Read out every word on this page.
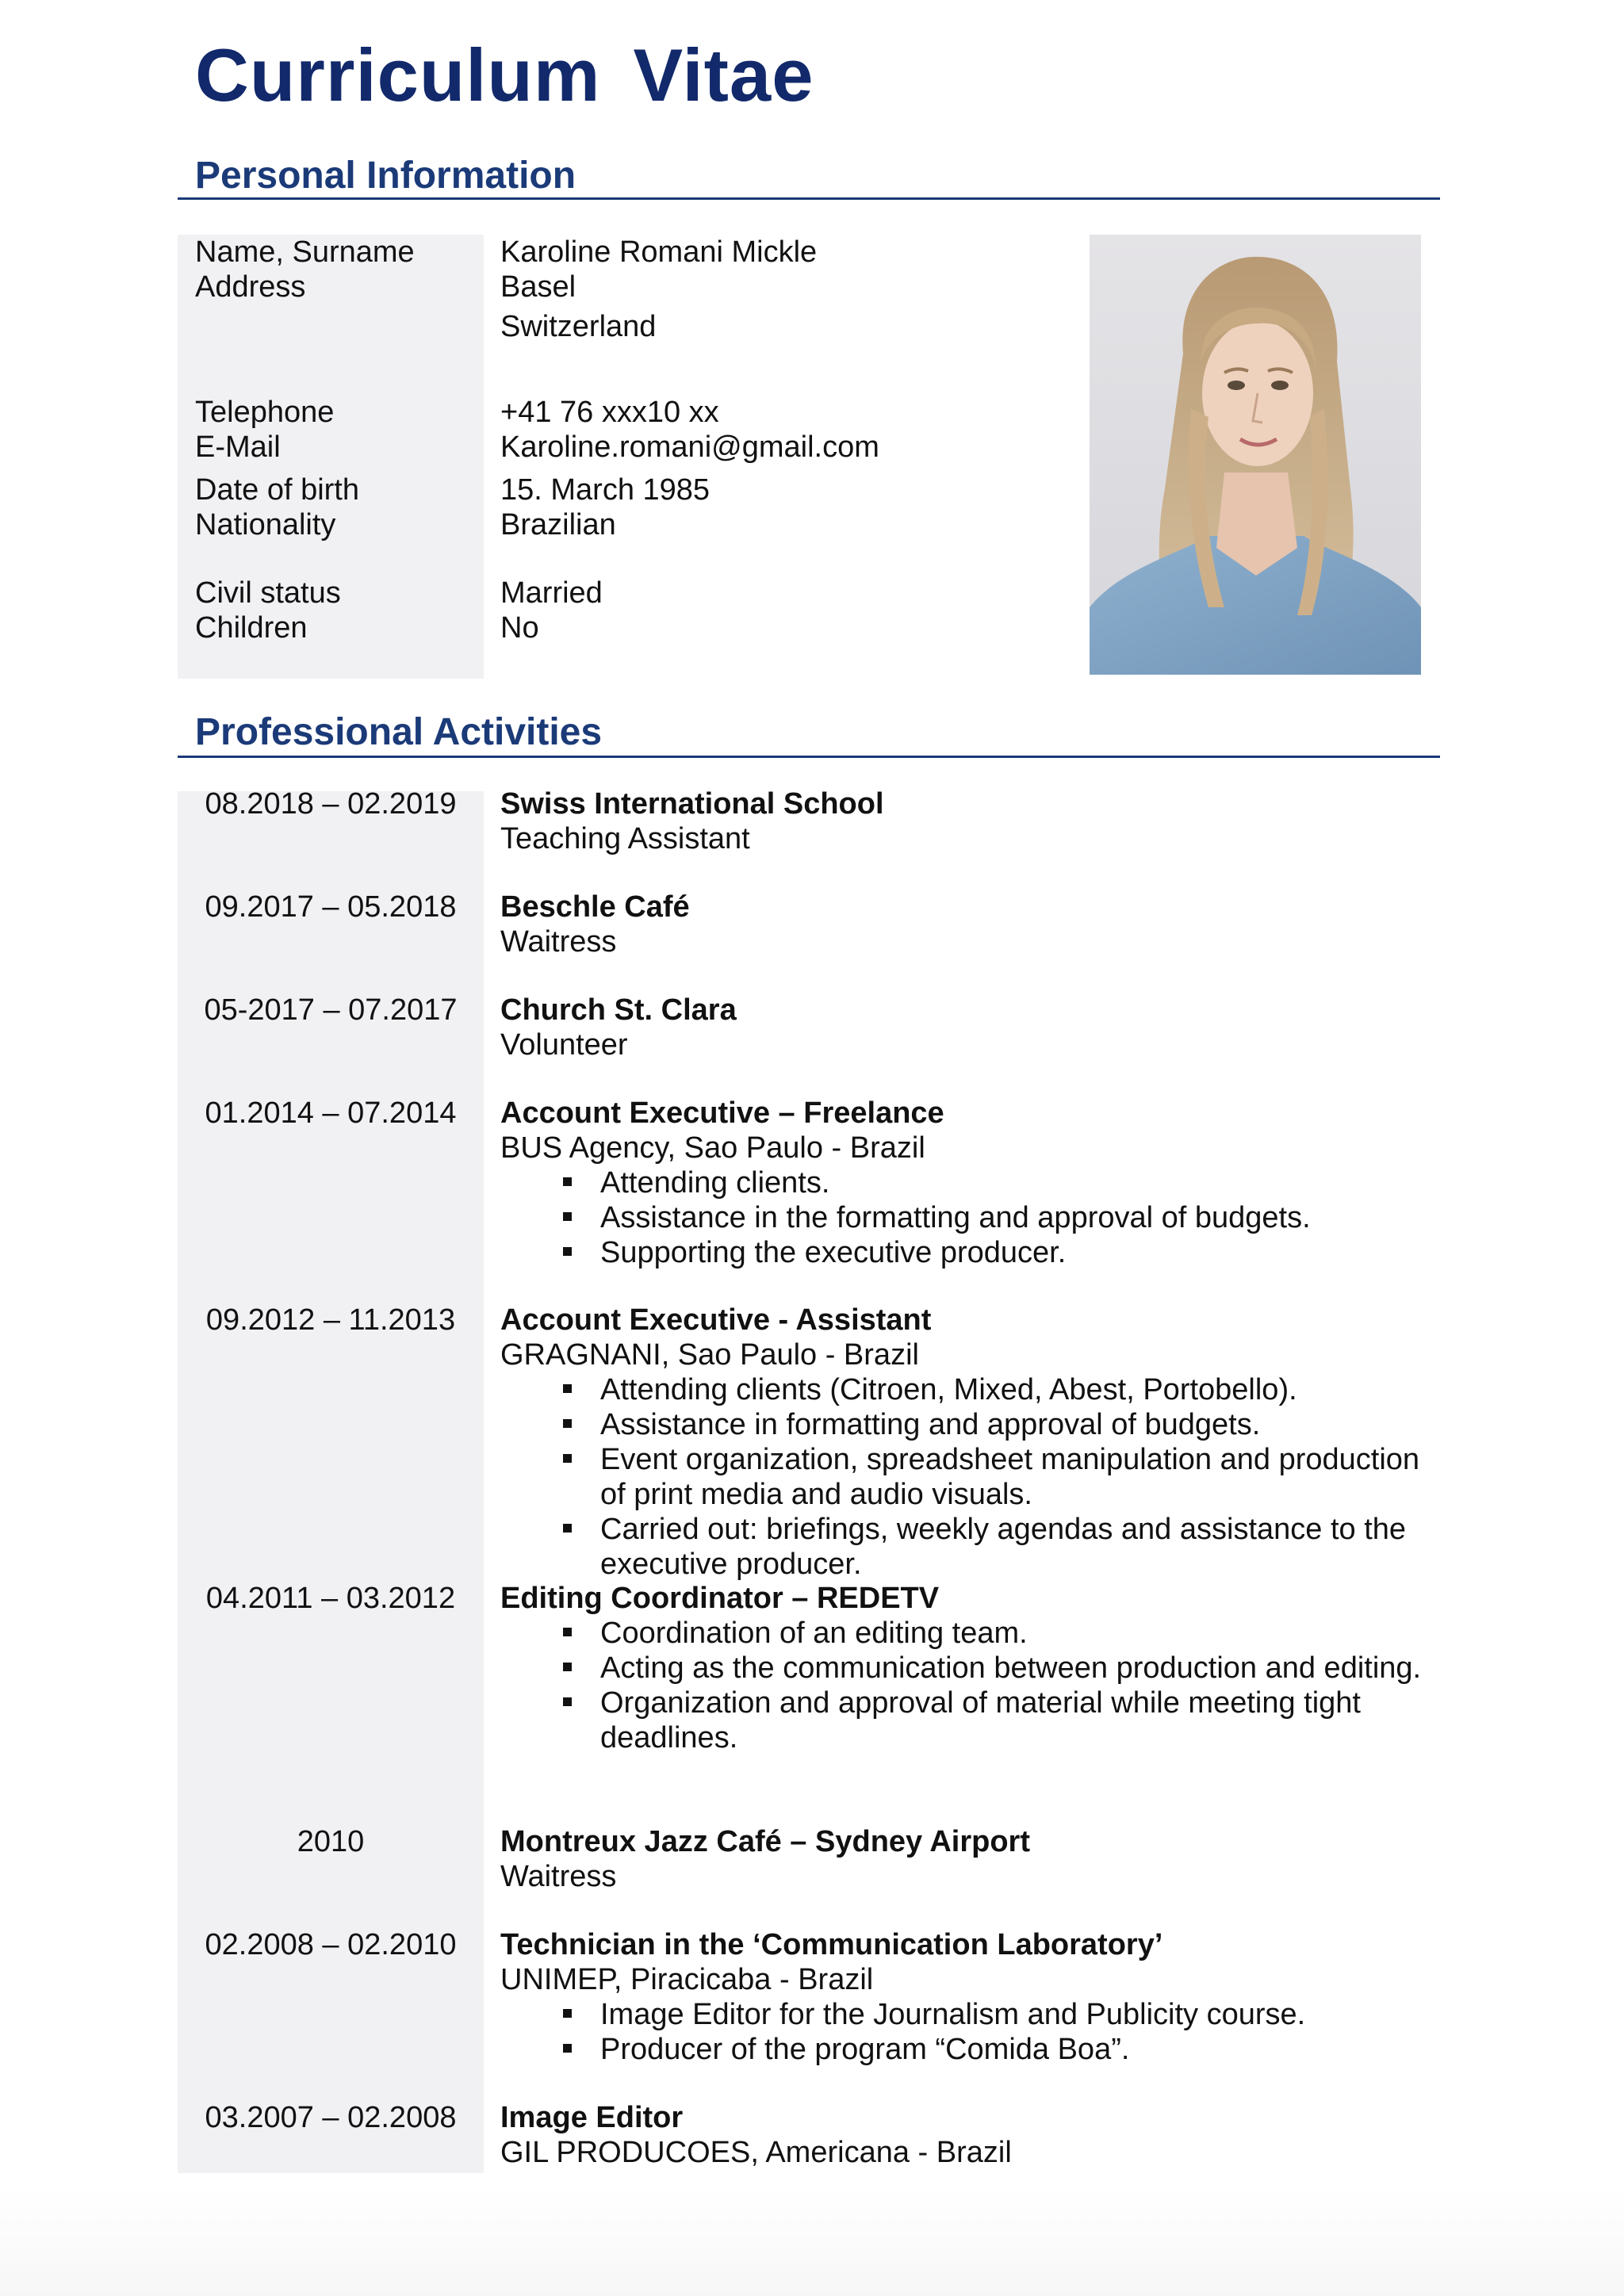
Curriculum Vitae
Personal Information
Name, Surname	Karoline Romani Mickle
Address	Basel
Switzerland
Telephone	+41 76 xxx10 xx
E-Mail	Karoline.romani@gmail.com
Date of birth	15. March 1985
Nationality	Brazilian
Civil status	Married
Children	No
Professional Activities
08.2018 – 02.2019	Swiss International School
Teaching Assistant
09.2017 – 05.2018	Beschle Café
Waitress
05-2017 – 07.2017	Church St. Clara
Volunteer
01.2014 – 07.2014	Account Executive – Freelance
BUS Agency, Sao Paulo - Brazil
Attending clients.
Assistance in the formatting and approval of budgets.
Supporting the executive producer.
09.2012 – 11.2013	Account Executive - Assistant
GRAGNANI, Sao Paulo - Brazil
Attending clients (Citroen, Mixed, Abest, Portobello).
Assistance in formatting and approval of budgets.
Event organization, spreadsheet manipulation and production of print media and audio visuals.
Carried out: briefings, weekly agendas and assistance to the executive producer.
04.2011 – 03.2012	Editing Coordinator – REDETV
Coordination of an editing team.
Acting as the communication between production and editing.
Organization and approval of material while meeting tight deadlines.
2010	Montreux Jazz Café – Sydney Airport
Waitress
02.2008 – 02.2010	Technician in the ‘Communication Laboratory’
UNIMEP, Piracicaba - Brazil
Image Editor for the Journalism and Publicity course.
Producer of the program “Comida Boa”.
03.2007 – 02.2008	Image Editor
GIL PRODUCOES, Americana - Brazil
